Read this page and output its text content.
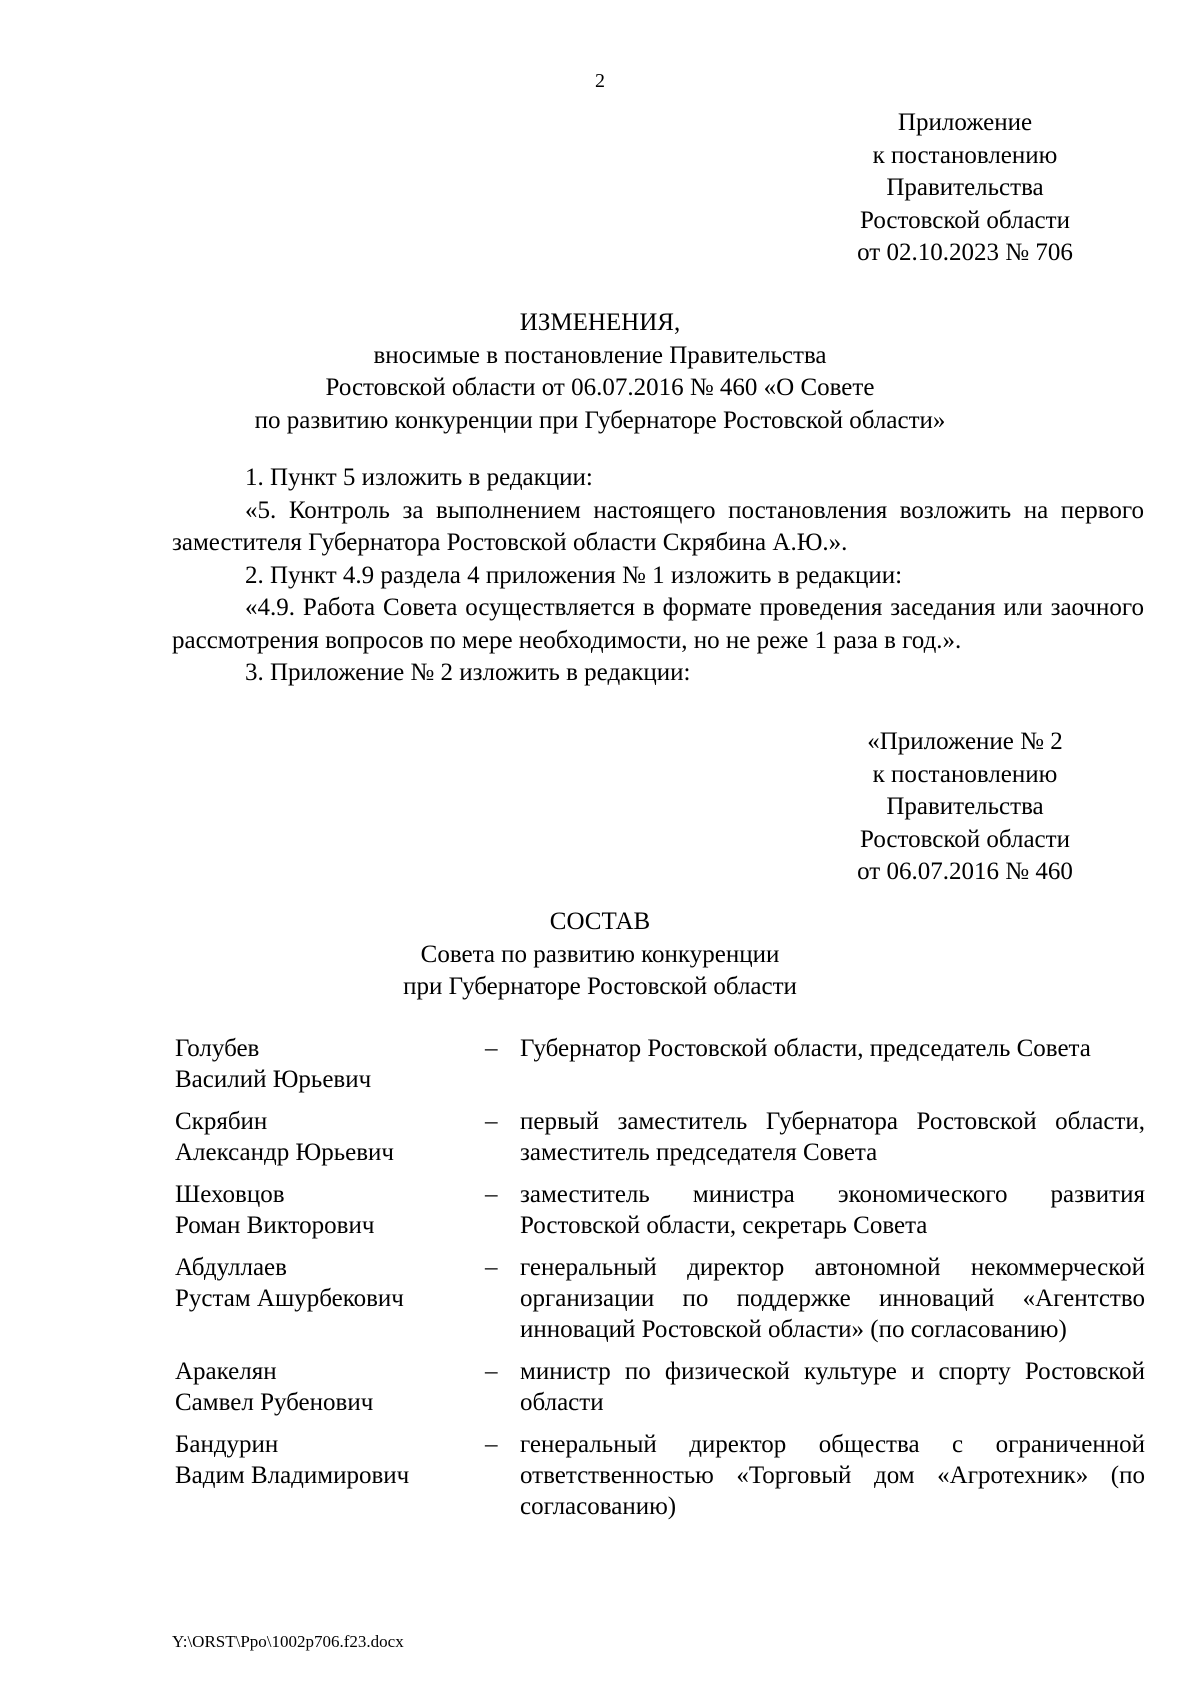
2
Приложение
к постановлению
Правительства
Ростовской области
от 02.10.2023 № 706
ИЗМЕНЕНИЯ,
вносимые в постановление Правительства
Ростовской области от 06.07.2016 № 460 «О Совете
по развитию конкуренции при Губернаторе Ростовской области»

1. Пункт 5 изложить в редакции:

«5. Контроль за выполнением настоящего постановления возложить на первого заместителя Губернатора Ростовской области Скрябина А.Ю.».

2. Пункт 4.9 раздела 4 приложения № 1 изложить в редакции:

«4.9. Работа Совета осуществляется в формате проведения заседания или заочного рассмотрения вопросов по мере необходимости, но не реже 1 раза в год.».

3. Приложение № 2 изложить в редакции:

«Приложение № 2
к постановлению
Правительства
Ростовской области
от 06.07.2016 № 460
СОСТАВ
Совета по развитию конкуренции
при Губернаторе Ростовской области
Голубев
Василий Юрьевич
– Губернатор Ростовской области, председатель Совета
Скрябин
Александр Юрьевич
– первый заместитель Губернатора Ростовской области, заместитель председателя Совета
Шеховцов
Роман Викторович
– заместитель министра экономического развития Ростовской области, секретарь Совета
Абдуллаев
Рустам Ашурбекович
– генеральный директор автономной некоммерческой организации по поддержке инноваций «Агентство инноваций Ростовской области» (по согласованию)
Аракелян
Самвел Рубенович
– министр по физической культуре и спорту Ростовской области
Бандурин
Вадим Владимирович
– генеральный директор общества с ограниченной ответственностью «Торговый дом «Агротехник» (по согласованию)
Y:\ORST\Ppo\1002p706.f23.docx
